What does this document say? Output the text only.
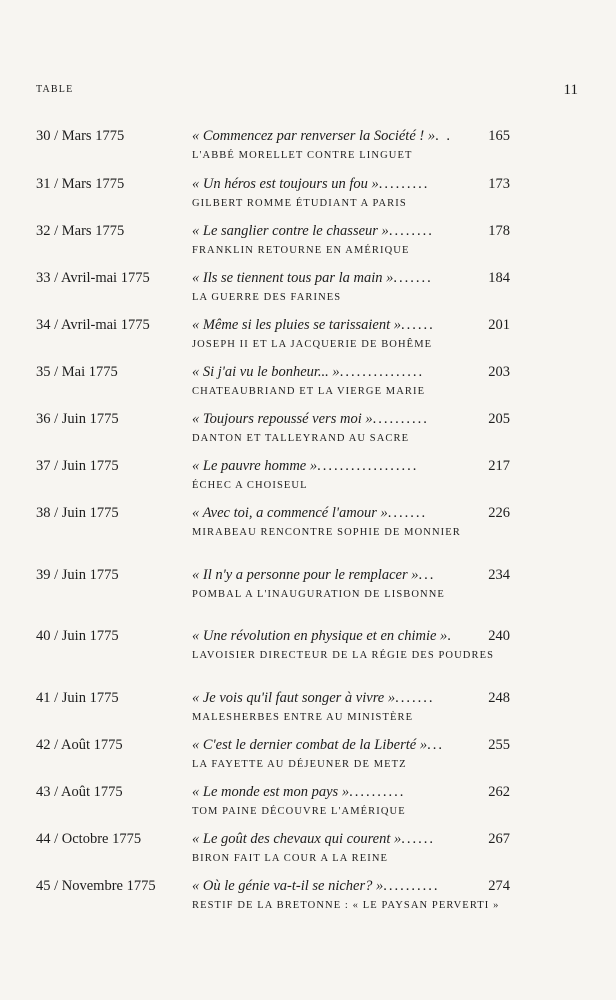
TABLE	11
30 / Mars 1775	« Commencez par renverser la Société ! ». .	165
L'ABBÉ MORELLET CONTRE LINGUET
31 / Mars 1775	« Un héros est toujours un fou ».........	173
GILBERT ROMME ÉTUDIANT A PARIS
32 / Mars 1775	« Le sanglier contre le chasseur »........	178
FRANKLIN RETOURNE EN AMÉRIQUE
33 / Avril-mai 1775	« Ils se tiennent tous par la main ».......	184
LA GUERRE DES FARINES
34 / Avril-mai 1775	« Même si les pluies se tarissaient »......	201
JOSEPH II ET LA JACQUERIE DE BOHÊME
35 / Mai 1775	« Si j'ai vu le bonheur... »...............	203
CHATEAUBRIAND ET LA VIERGE MARIE
36 / Juin 1775	« Toujours repoussé vers moi »..........	205
DANTON ET TALLEYRAND AU SACRE
37 / Juin 1775	« Le pauvre homme »..................	217
ÉCHEC A CHOISEUL
38 / Juin 1775	« Avec toi, a commencé l'amour ».......	226
MIRABEAU RENCONTRE SOPHIE DE MONNIER
39 / Juin 1775	« Il n'y a personne pour le remplacer »...	234
POMBAL A L'INAUGURATION DE LISBONNE
40 / Juin 1775	« Une révolution en physique et en chimie ».	240
LAVOISIER DIRECTEUR DE LA RÉGIE DES POUDRES
41 / Juin 1775	« Je vois qu'il faut songer à vivre ».......	248
MALESHERBES ENTRE AU MINISTÈRE
42 / Août 1775	« C'est le dernier combat de la Liberté »...	255
LA FAYETTE AU DÉJEUNER DE METZ
43 / Août 1775	« Le monde est mon pays »..........	262
TOM PAINE DÉCOUVRE L'AMÉRIQUE
44 / Octobre 1775	« Le goût des chevaux qui courent »......	267
BIRON FAIT LA COUR A LA REINE
45 / Novembre 1775	« Où le génie va-t-il se nicher? »..........	274
RESTIF DE LA BRETONNE : « LE PAYSAN PERVERTI »
